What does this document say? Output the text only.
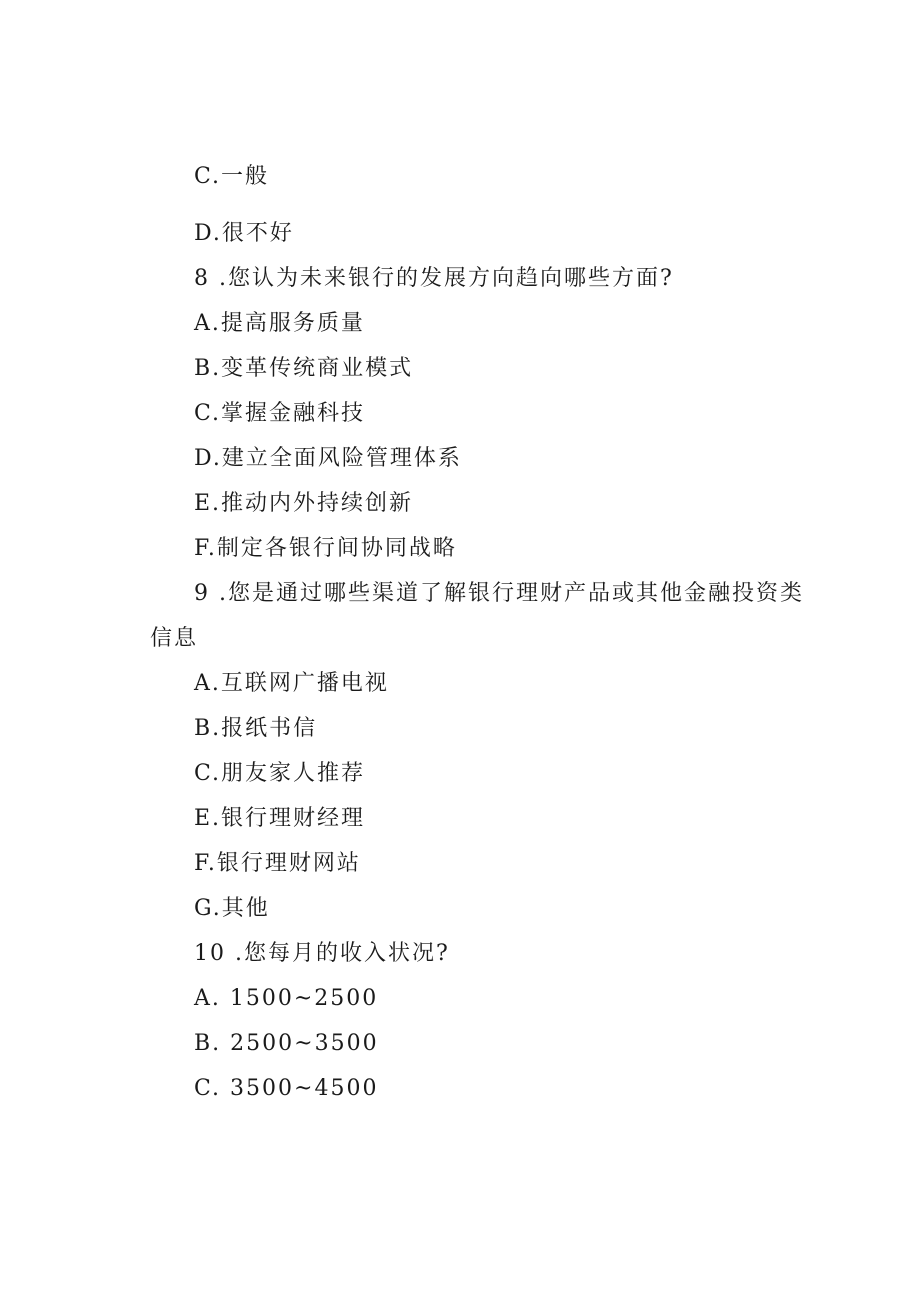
C.一般
D.很不好
8 .您认为未来银行的发展方向趋向哪些方面?
A.提高服务质量
B.变革传统商业模式
C.掌握金融科技
D.建立全面风险管理体系
E.推动内外持续创新
F.制定各银行间协同战略
9 .您是通过哪些渠道了解银行理财产品或其他金融投资类
信息
A.互联网广播电视
B.报纸书信
C.朋友家人推荐
E.银行理财经理
F.银行理财网站
G.其他
10 .您每月的收入状况?
A. 1500~2500
B. 2500~3500
C. 3500~4500
